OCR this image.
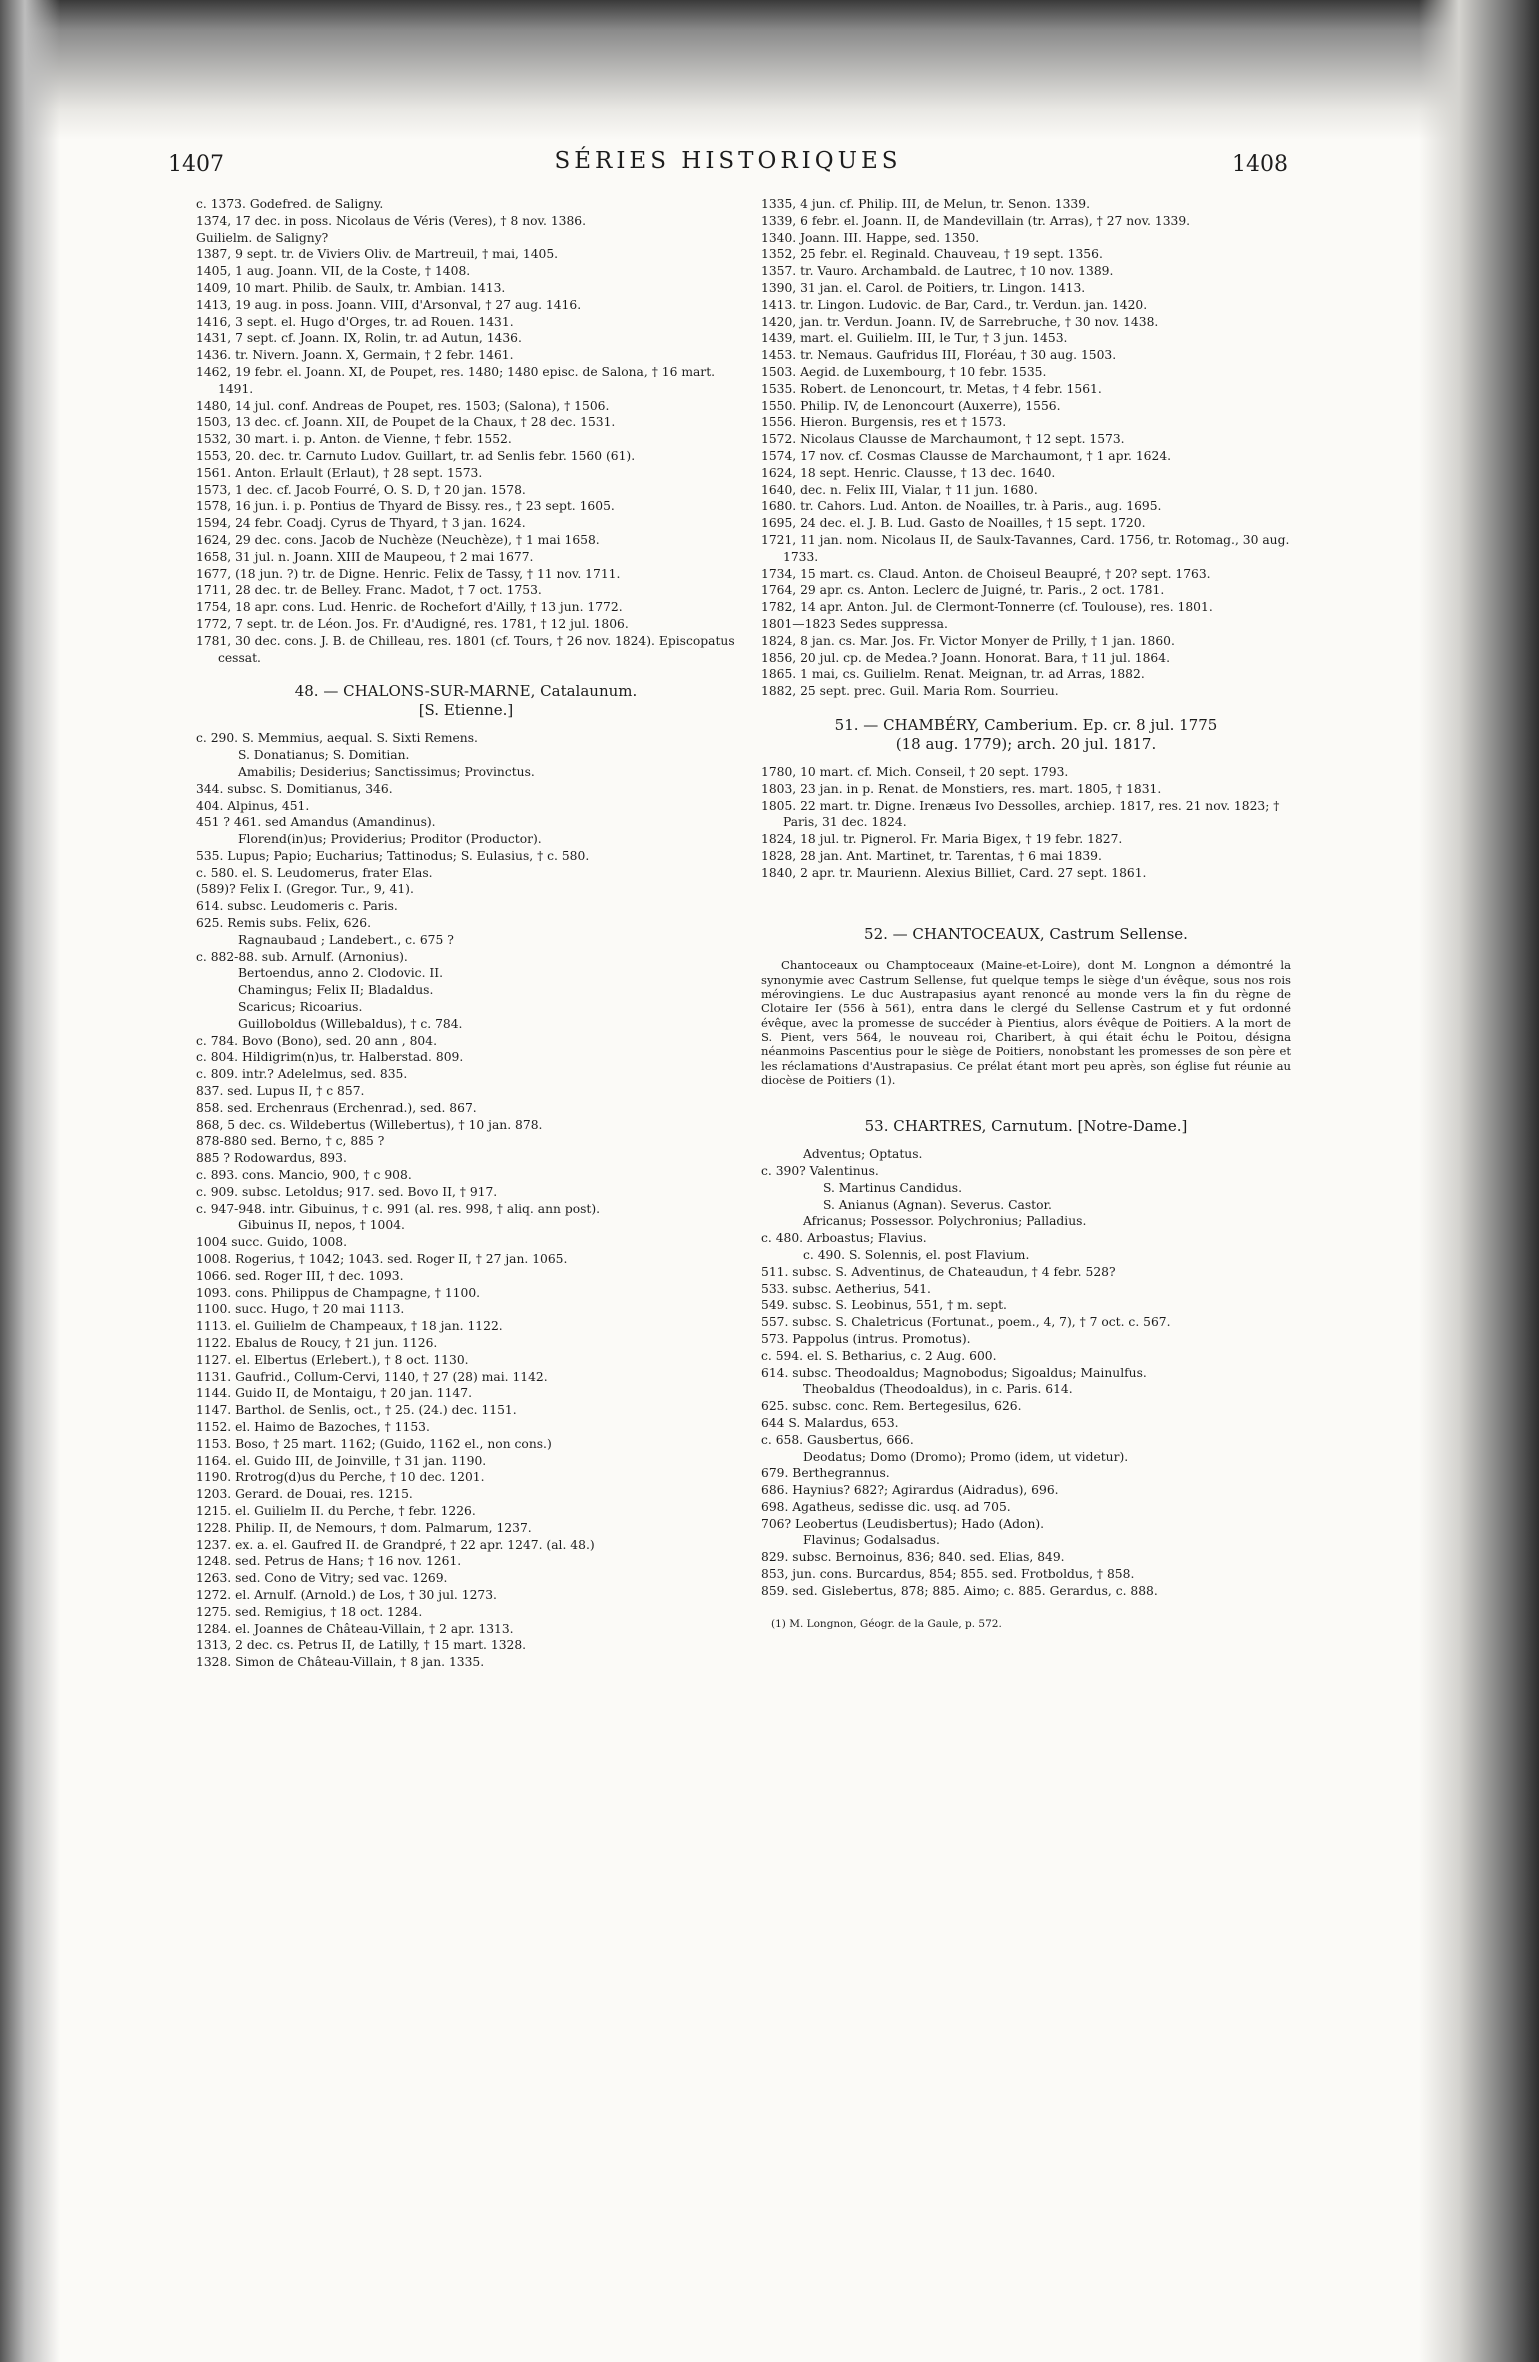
1407	SÉRIES HISTORIQUES	1408

c. 1373. Godefred. de Saligny.

1374, 17 dec. in poss. Nicolaus de Véris (Veres), † 8 nov. 1386.

Guilielm. de Saligny?

1387, 9 sept. tr. de Viviers Oliv. de Martreuil, † mai, 1405.

1405, 1 aug. Joann. VII, de la Coste, † 1408.

1409, 10 mart. Philib. de Saulx, tr. Ambian. 1413.

1413, 19 aug. in poss. Joann. VIII, d'Arsonval, † 27 aug. 1416.

1416, 3 sept. el. Hugo d'Orges, tr. ad Rouen. 1431.

1431, 7 sept. cf. Joann. IX, Rolin, tr. ad Autun, 1436.

1436. tr. Nivern. Joann. X, Germain, † 2 febr. 1461.

1462, 19 febr. el. Joann. XI, de Poupet, res. 1480; 1480 episc. de Salona, † 16 mart. 1491.

1480, 14 jul. conf. Andreas de Poupet, res. 1503; (Salona), † 1506.

1503, 13 dec. cf. Joann. XII, de Poupet de la Chaux, † 28 dec. 1531.

1532, 30 mart. i. p. Anton. de Vienne, † febr. 1552.

1553, 20. dec. tr. Carnuto Ludov. Guillart, tr. ad Senlis febr. 1560 (61).

1561. Anton. Erlault (Erlaut), † 28 sept. 1573.

1573, 1 dec. cf. Jacob Fourré, O. S. D, † 20 jan. 1578.

1578, 16 jun. i. p. Pontius de Thyard de Bissy. res., † 23 sept. 1605.

1594, 24 febr. Coadj. Cyrus de Thyard, † 3 jan. 1624.

1624, 29 dec. cons. Jacob de Nuchèze (Neuchèze), † 1 mai 1658.

1658, 31 jul. n. Joann. XIII de Maupeou, † 2 mai 1677.

1677, (18 jun. ?) tr. de Digne. Henric. Felix de Tassy, † 11 nov. 1711.

1711, 28 dec. tr. de Belley. Franc. Madot, † 7 oct. 1753.

1754, 18 apr. cons. Lud. Henric. de Rochefort d'Ailly, † 13 jun. 1772.

1772, 7 sept. tr. de Léon. Jos. Fr. d'Audigné, res. 1781, † 12 jul. 1806.

1781, 30 dec. cons. J. B. de Chilleau, res. 1801 (cf. Tours, † 26 nov. 1824). Episcopatus cessat.

48. — CHALONS-SUR-MARNE, Catalaunum.
[S. Etienne.]

c. 290. S. Memmius, aequal. S. Sixti Remens.

S. Donatianus; S. Domitian.

Amabilis; Desiderius; Sanctissimus; Provinctus.

344. subsc. S. Domitianus, 346.

404. Alpinus, 451.

451 ? 461. sed Amandus (Amandinus).

Florend(in)us; Providerius; Proditor (Productor).

535. Lupus; Papio; Eucharius; Tattinodus; S. Eulasius, † c. 580.

c. 580. el. S. Leudomerus, frater Elas.

(589)? Felix I. (Gregor. Tur., 9, 41).

614. subsc. Leudomeris c. Paris.

625. Remis subs. Felix, 626.

Ragnaubaud ; Landebert., c. 675 ?

c. 882-88. sub. Arnulf. (Arnonius).

Bertoendus, anno 2. Clodovic. II.

Chamingus; Felix II; Bladaldus.

Scaricus; Ricoarius.

Guilloboldus (Willebaldus), † c. 784.

c. 784. Bovo (Bono), sed. 20 ann , 804.

c. 804. Hildigrim(n)us, tr. Halberstad. 809.

c. 809. intr.? Adelelmus, sed. 835.

837. sed. Lupus II, † c 857.

858. sed. Erchenraus (Erchenrad.), sed. 867.

868, 5 dec. cs. Wildebertus (Willebertus), † 10 jan. 878.

878-880 sed. Berno, † c, 885 ?

885 ? Rodowardus, 893.

c. 893. cons. Mancio, 900, † c 908.

c. 909. subsc. Letoldus; 917. sed. Bovo II, † 917.

c. 947-948. intr. Gibuinus, † c. 991 (al. res. 998, † aliq. ann post).

Gibuinus II, nepos, † 1004.

1004 succ. Guido, 1008.

1008. Rogerius, † 1042; 1043. sed. Roger II, † 27 jan. 1065.

1066. sed. Roger III, † dec. 1093.

1093. cons. Philippus de Champagne, † 1100.

1100. succ. Hugo, † 20 mai 1113.

1113. el. Guilielm de Champeaux, † 18 jan. 1122.

1122. Ebalus de Roucy, † 21 jun. 1126.

1127. el. Elbertus (Erlebert.), † 8 oct. 1130.

1131. Gaufrid., Collum-Cervi, 1140, † 27 (28) mai. 1142.

1144. Guido II, de Montaigu, † 20 jan. 1147.

1147. Barthol. de Senlis, oct., † 25. (24.) dec. 1151.

1152. el. Haimo de Bazoches, † 1153.

1153. Boso, † 25 mart. 1162; (Guido, 1162 el., non cons.)

1164. el. Guido III, de Joinville, † 31 jan. 1190.

1190. Rrotrog(d)us du Perche, † 10 dec. 1201.

1203. Gerard. de Douai, res. 1215.

1215. el. Guilielm II. du Perche, † febr. 1226.

1228. Philip. II, de Nemours, † dom. Palmarum, 1237.

1237. ex. a. el. Gaufred II. de Grandpré, † 22 apr. 1247. (al. 48.)

1248. sed. Petrus de Hans; † 16 nov. 1261.

1263. sed. Cono de Vitry; sed vac. 1269.

1272. el. Arnulf. (Arnold.) de Los, † 30 jul. 1273.

1275. sed. Remigius, † 18 oct. 1284.

1284. el. Joannes de Château-Villain, † 2 apr. 1313.

1313, 2 dec. cs. Petrus II, de Latilly, † 15 mart. 1328.

1328. Simon de Château-Villain, † 8 jan. 1335.

1335, 4 jun. cf. Philip. III, de Melun, tr. Senon. 1339.

1339, 6 febr. el. Joann. II, de Mandevillain (tr. Arras), † 27 nov. 1339.

1340. Joann. III. Happe, sed. 1350.

1352, 25 febr. el. Reginald. Chauveau, † 19 sept. 1356.

1357. tr. Vauro. Archambald. de Lautrec, † 10 nov. 1389.

1390, 31 jan. el. Carol. de Poitiers, tr. Lingon. 1413.

1413. tr. Lingon. Ludovic. de Bar, Card., tr. Verdun. jan. 1420.

1420, jan. tr. Verdun. Joann. IV, de Sarrebruche, † 30 nov. 1438.

1439, mart. el. Guilielm. III, le Tur, † 3 jun. 1453.

1453. tr. Nemaus. Gaufridus III, Floréau, † 30 aug. 1503.

1503. Aegid. de Luxembourg, † 10 febr. 1535.

1535. Robert. de Lenoncourt, tr. Metas, † 4 febr. 1561.

1550. Philip. IV, de Lenoncourt (Auxerre), 1556.

1556. Hieron. Burgensis, res et † 1573.

1572. Nicolaus Clausse de Marchaumont, † 12 sept. 1573.

1574, 17 nov. cf. Cosmas Clausse de Marchaumont, † 1 apr. 1624.

1624, 18 sept. Henric. Clausse, † 13 dec. 1640.

1640, dec. n. Felix III, Vialar, † 11 jun. 1680.

1680. tr. Cahors. Lud. Anton. de Noailles, tr. à Paris., aug. 1695.

1695, 24 dec. el. J. B. Lud. Gasto de Noailles, † 15 sept. 1720.

1721, 11 jan. nom. Nicolaus II, de Saulx-Tavannes, Card. 1756, tr. Rotomag., 30 aug. 1733.

1734, 15 mart. cs. Claud. Anton. de Choiseul Beaupré, † 20? sept. 1763.

1764, 29 apr. cs. Anton. Leclerc de Juigné, tr. Paris., 2 oct. 1781.

1782, 14 apr. Anton. Jul. de Clermont-Tonnerre (cf. Toulouse), res. 1801.

1801—1823 Sedes suppressa.

1824, 8 jan. cs. Mar. Jos. Fr. Victor Monyer de Prilly, † 1 jan. 1860.

1856, 20 jul. cp. de Medea.? Joann. Honorat. Bara, † 11 jul. 1864.

1865. 1 mai, cs. Guilielm. Renat. Meignan, tr. ad Arras, 1882.

1882, 25 sept. prec. Guil. Maria Rom. Sourrieu.

51. — CHAMBÉRY, Camberium. Ep. cr. 8 jul. 1775
(18 aug. 1779); arch. 20 jul. 1817.

1780, 10 mart. cf. Mich. Conseil, † 20 sept. 1793.

1803, 23 jan. in p. Renat. de Monstiers, res. mart. 1805, † 1831.

1805. 22 mart. tr. Digne. Irenæus Ivo Dessolles, archiep. 1817, res. 21 nov. 1823; † Paris, 31 dec. 1824.

1824, 18 jul. tr. Pignerol. Fr. Maria Bigex, † 19 febr. 1827.

1828, 28 jan. Ant. Martinet, tr. Tarentas, † 6 mai 1839.

1840, 2 apr. tr. Maurienn. Alexius Billiet, Card. 27 sept. 1861.

52. — CHANTOCEAUX, Castrum Sellense.

Chantoceaux ou Champtoceaux (Maine-et-Loire), dont M. Longnon a démontré la synonymie avec Castrum Sellense, fut quelque temps le siège d'un évêque, sous nos rois mérovingiens. Le duc Austrapasius ayant renoncé au monde vers la fin du règne de Clotaire Ier (556 à 561), entra dans le clergé du Sellense Castrum et y fut ordonné évêque, avec la promesse de succéder à Pientius, alors évêque de Poitiers. A la mort de S. Pient, vers 564, le nouveau roi, Charibert, à qui était échu le Poitou, désigna néanmoins Pascentius pour le siège de Poitiers, nonobstant les promesses de son père et les réclamations d'Austrapasius. Ce prélat étant mort peu après, son église fut réunie au diocèse de Poitiers (1).

53. CHARTRES, Carnutum. [Notre-Dame.]

Adventus; Optatus.

c. 390? Valentinus.

S. Martinus Candidus.

S. Anianus (Agnan). Severus. Castor.

Africanus; Possessor. Polychronius; Palladius.

c. 480. Arboastus; Flavius.

c. 490. S. Solennis, el. post Flavium.

511. subsc. S. Adventinus, de Chateaudun, † 4 febr. 528?

533. subsc. Aetherius, 541.

549. subsc. S. Leobinus, 551, † m. sept.

557. subsc. S. Chaletricus (Fortunat., poem., 4, 7), † 7 oct. c. 567.

573. Pappolus (intrus. Promotus).

c. 594. el. S. Betharius, c. 2 Aug. 600.

614. subsc. Theodoaldus; Magnobodus; Sigoaldus; Mainulfus.

Theobaldus (Theodoaldus), in c. Paris. 614.

625. subsc. conc. Rem. Bertegesilus, 626.

644 S. Malardus, 653.

c. 658. Gausbertus, 666.

Deodatus; Domo (Dromo); Promo (idem, ut videtur).

679. Berthegrannus.

686. Haynius? 682?; Agirardus (Aidradus), 696.

698. Agatheus, sedisse dic. usq. ad 705.

706? Leobertus (Leudisbertus); Hado (Adon).

Flavinus; Godalsadus.

829. subsc. Bernoinus, 836; 840. sed. Elias, 849.

853, jun. cons. Burcardus, 854; 855. sed. Frotboldus, † 858.

859. sed. Gislebertus, 878; 885. Aimo; c. 885. Gerardus, c. 888.

(1) M. Longnon, Géogr. de la Gaule, p. 572.
